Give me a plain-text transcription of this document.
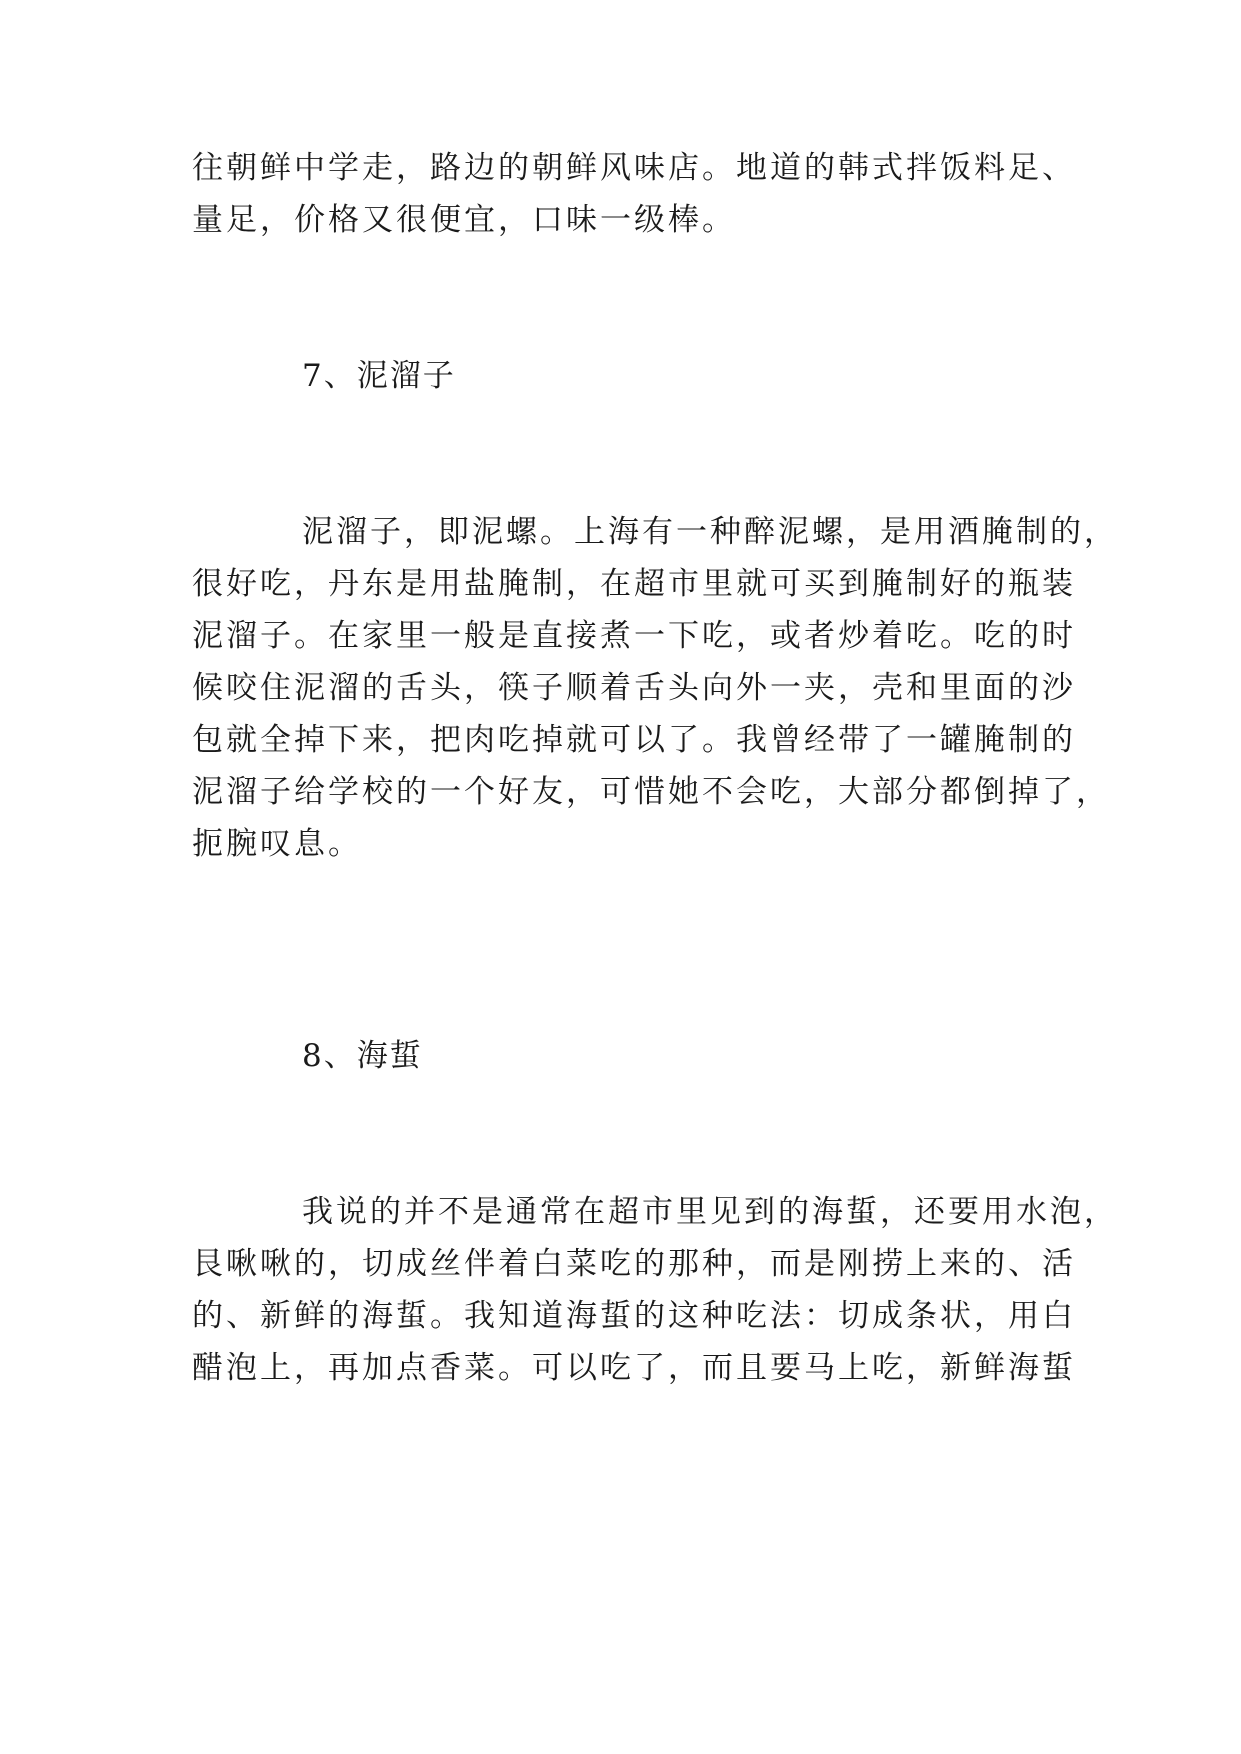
往朝鲜中学走，路边的朝鲜风味店。地道的韩式拌饭料足、
量足，价格又很便宜，口味一级棒。
7、泥溜子
泥溜子，即泥螺。上海有一种醉泥螺，是用酒腌制的，
很好吃，丹东是用盐腌制，在超市里就可买到腌制好的瓶装
泥溜子。在家里一般是直接煮一下吃，或者炒着吃。吃的时
候咬住泥溜的舌头，筷子顺着舌头向外一夹，壳和里面的沙
包就全掉下来，把肉吃掉就可以了。我曾经带了一罐腌制的
泥溜子给学校的一个好友，可惜她不会吃，大部分都倒掉了，
扼腕叹息。
8、海蜇
我说的并不是通常在超市里见到的海蜇，还要用水泡，
艮啾啾的，切成丝伴着白菜吃的那种，而是刚捞上来的、活
的、新鲜的海蜇。我知道海蜇的这种吃法：切成条状，用白
醋泡上，再加点香菜。可以吃了，而且要马上吃，新鲜海蜇
